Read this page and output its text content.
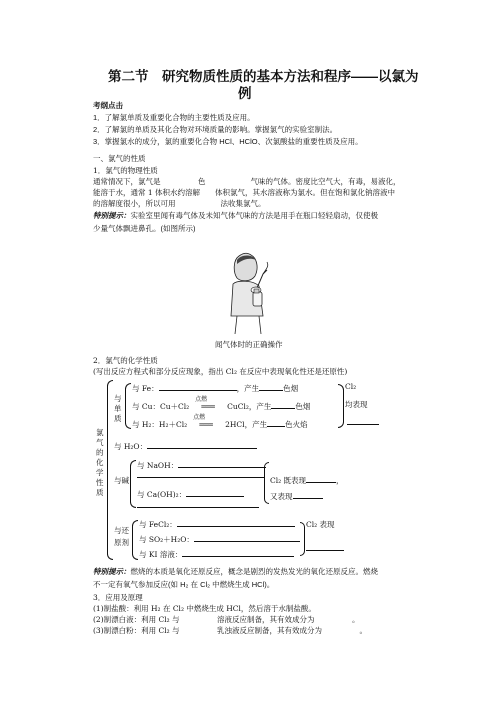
第二节　研究物质性质的基本方法和程序——以氯为
例
考纲点击
1．了解氯单质及重要化合物的主要性质及应用。
2．了解氯的单质及其化合物对环境质量的影响。掌握氯气的实验室制法。
3．掌握氯水的成分，氯的重要化合物 HCl、HClO、次氯酸盐的重要性质及应用。
一、氯气的性质
1．氯气的物理性质
通常情况下，氯气是　　　　　色　　　　　　气味的气体。密度比空气大，有毒，易液化，
能溶于水，通常 1 体积水约溶解　　体积氯气，其水溶液称为氯水。但在饱和氯化钠溶液中
的溶解度很小，所以可用　　　　　　法收集氯气。
特别提示：实验室里闻有毒气体及未知气体气味的方法是用手在瓶口轻轻扇动，仅使极
少量气体飘进鼻孔。(如图所示)
闻气体时的正确操作
2．氯气的化学性质
(写出反应方程式和部分反应现象，指出 Cl₂ 在反应中表现氧化性还是还原性)
氯
气
的
化
学
性
质
与
单
质
与 Fe：	，产生	色烟
与 Cu：Cu＋Cl₂
点燃
═══ CuCl₂，产生	色烟
与 H₂：H₂＋Cl₂
点燃
═══ 2HCl，产生 色火焰
Cl₂
均表现
与 H₂O：
与碱
与 NaOH：
与 Ca(OH)₂：
Cl₂ 既表现	，
又表现
与还
原剂
与 FeCl₂：
与 SO₂＋H₂O：
与 KI 溶液：
Cl₂ 表现
特别提示：燃烧的本质是氧化还原反应，概念是剧烈的发热发光的氧化还原反应。燃烧
不一定有氧气参加反应(如 H₂ 在 Cl₂ 中燃烧生成 HCl)。
3．应用及原理
(1)制盐酸：利用 H₂ 在 Cl₂ 中燃烧生成 HCl，然后溶于水制盐酸。
(2)制漂白液：利用 Cl₂ 与　　　　　溶液反应制备，其有效成分为　　　　　。
(3)制漂白粉：利用 Cl₂ 与　　　　　乳浊液反应制备，其有效成分为　　　　　。
